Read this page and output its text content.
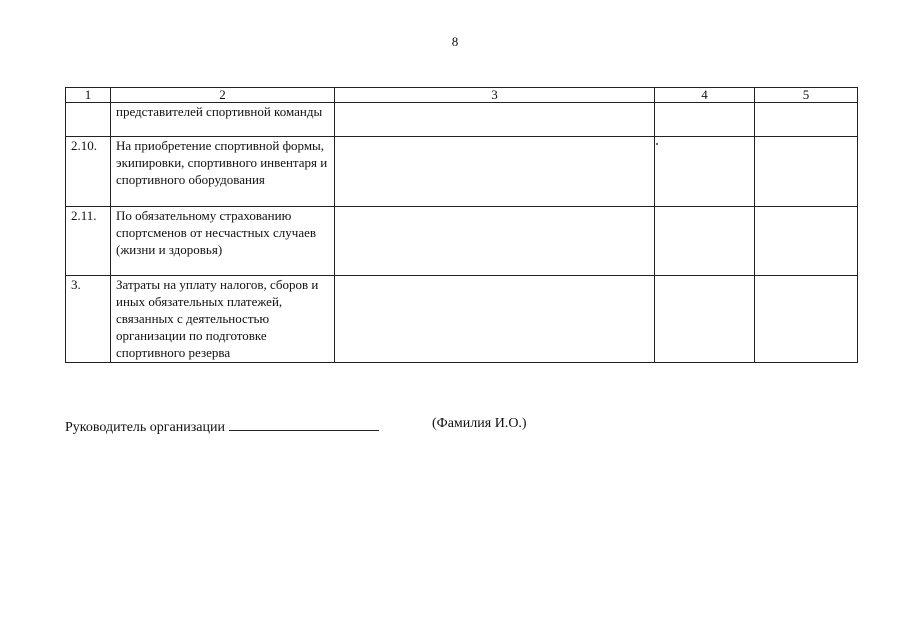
8
1	2	3	4	5
	представителей спортивной команды			
2.10.	На приобретение спортивной формы, экипировки, спортивного инвентаря и спортивного оборудования			
2.11.	По обязательному страхованию спортсменов от несчастных случаев (жизни и здоровья)			
3.	Затраты на уплату налогов, сборов и иных обязательных платежей, связанных с деятельностью организации по подготовке спортивного резерва			
Руководитель организации	(Фамилия И.О.)
